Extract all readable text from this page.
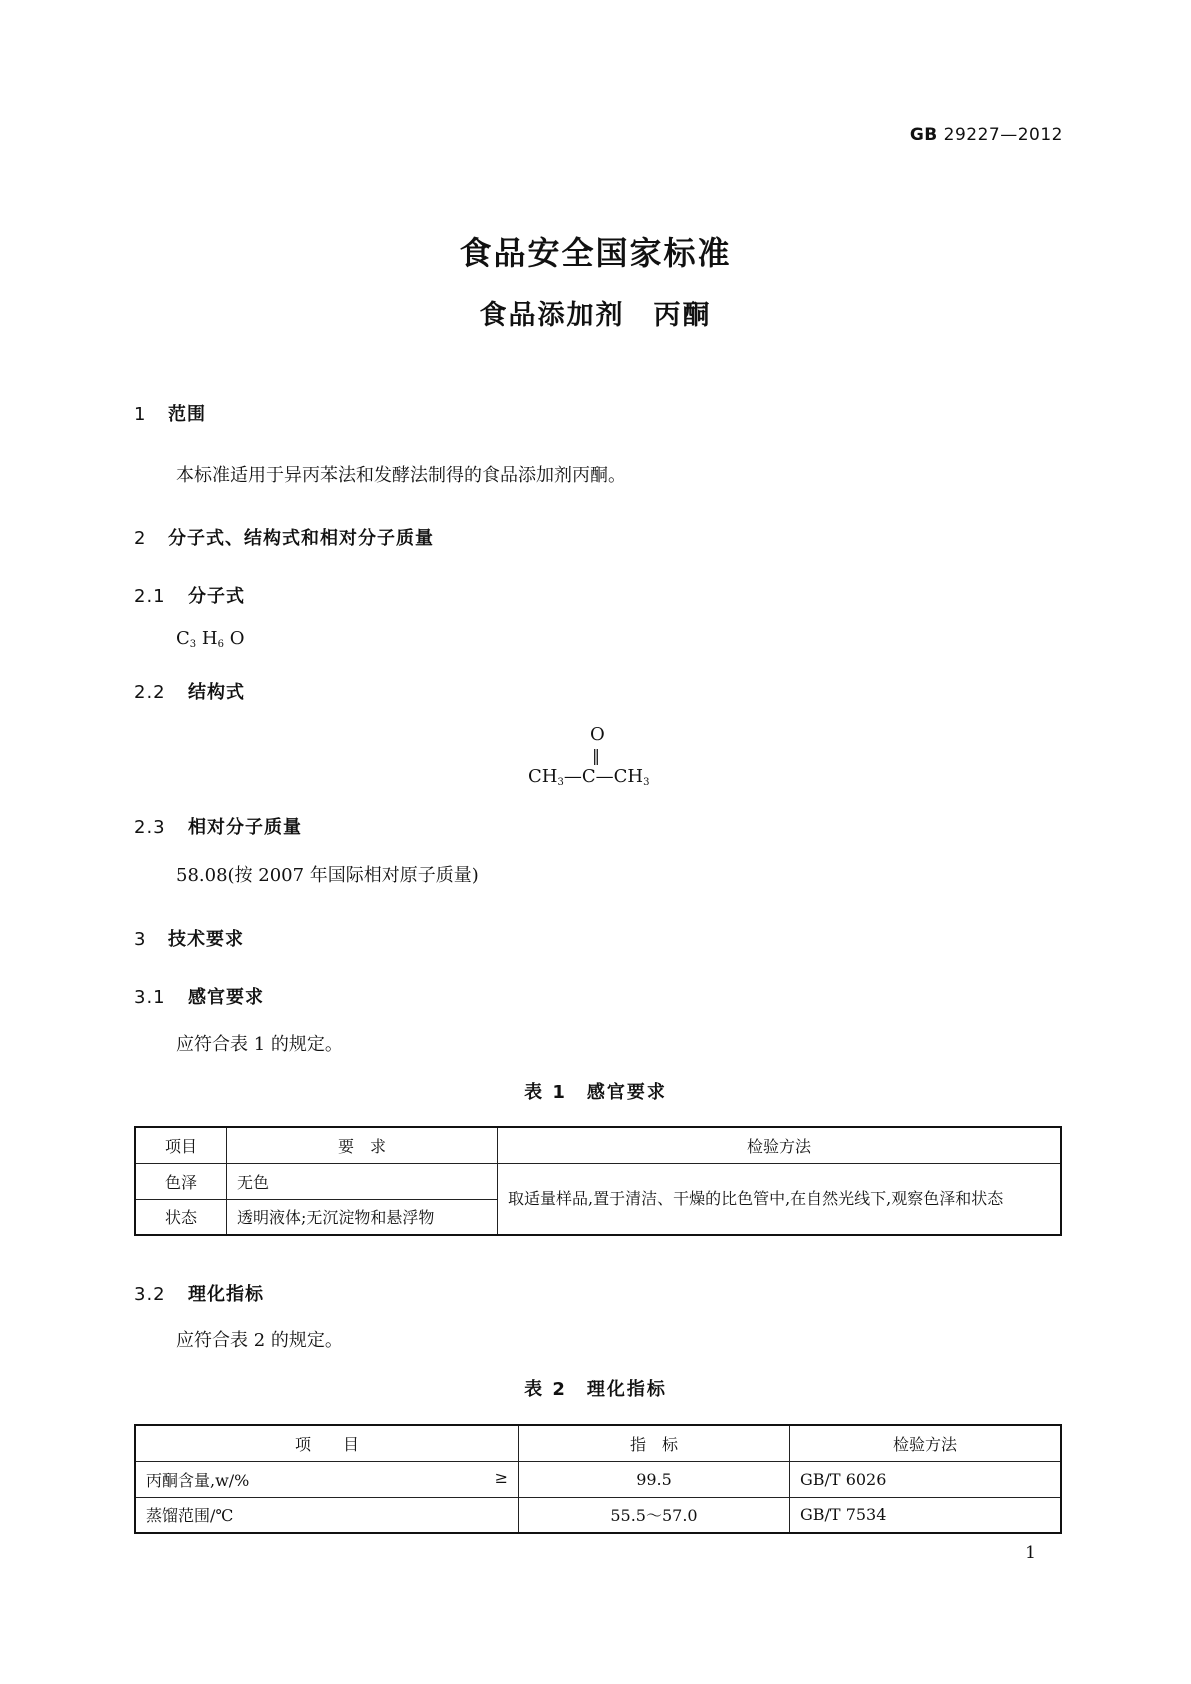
GB 29227—2012
食品安全国家标准
食品添加剂　丙酮
1 范围
本标准适用于异丙苯法和发酵法制得的食品添加剂丙酮。
2 分子式、结构式和相对分子质量
2.1 分子式
$C_3$ $H_6$ O
2.2 结构式
O
‖
$CH_3—C—CH_3$
2.3 相对分子质量
58.08(按 2007 年国际相对原子质量)
3 技术要求
3.1 感官要求
应符合表 1 的规定。
表 1　感官要求
项目	要　求	检验方法
色泽	无色	取适量样品,置于清洁、干燥的比色管中,在自然光线下,观察色泽和状态
状态	透明液体;无沉淀物和悬浮物	
3.2 理化指标
应符合表 2 的规定。
表 2　理化指标
项　　目	指　标	检验方法
丙酮含量,w/% ≥	99.5	GB/T 6026
蒸馏范围/℃	55.5～57.0	GB/T 7534
1
